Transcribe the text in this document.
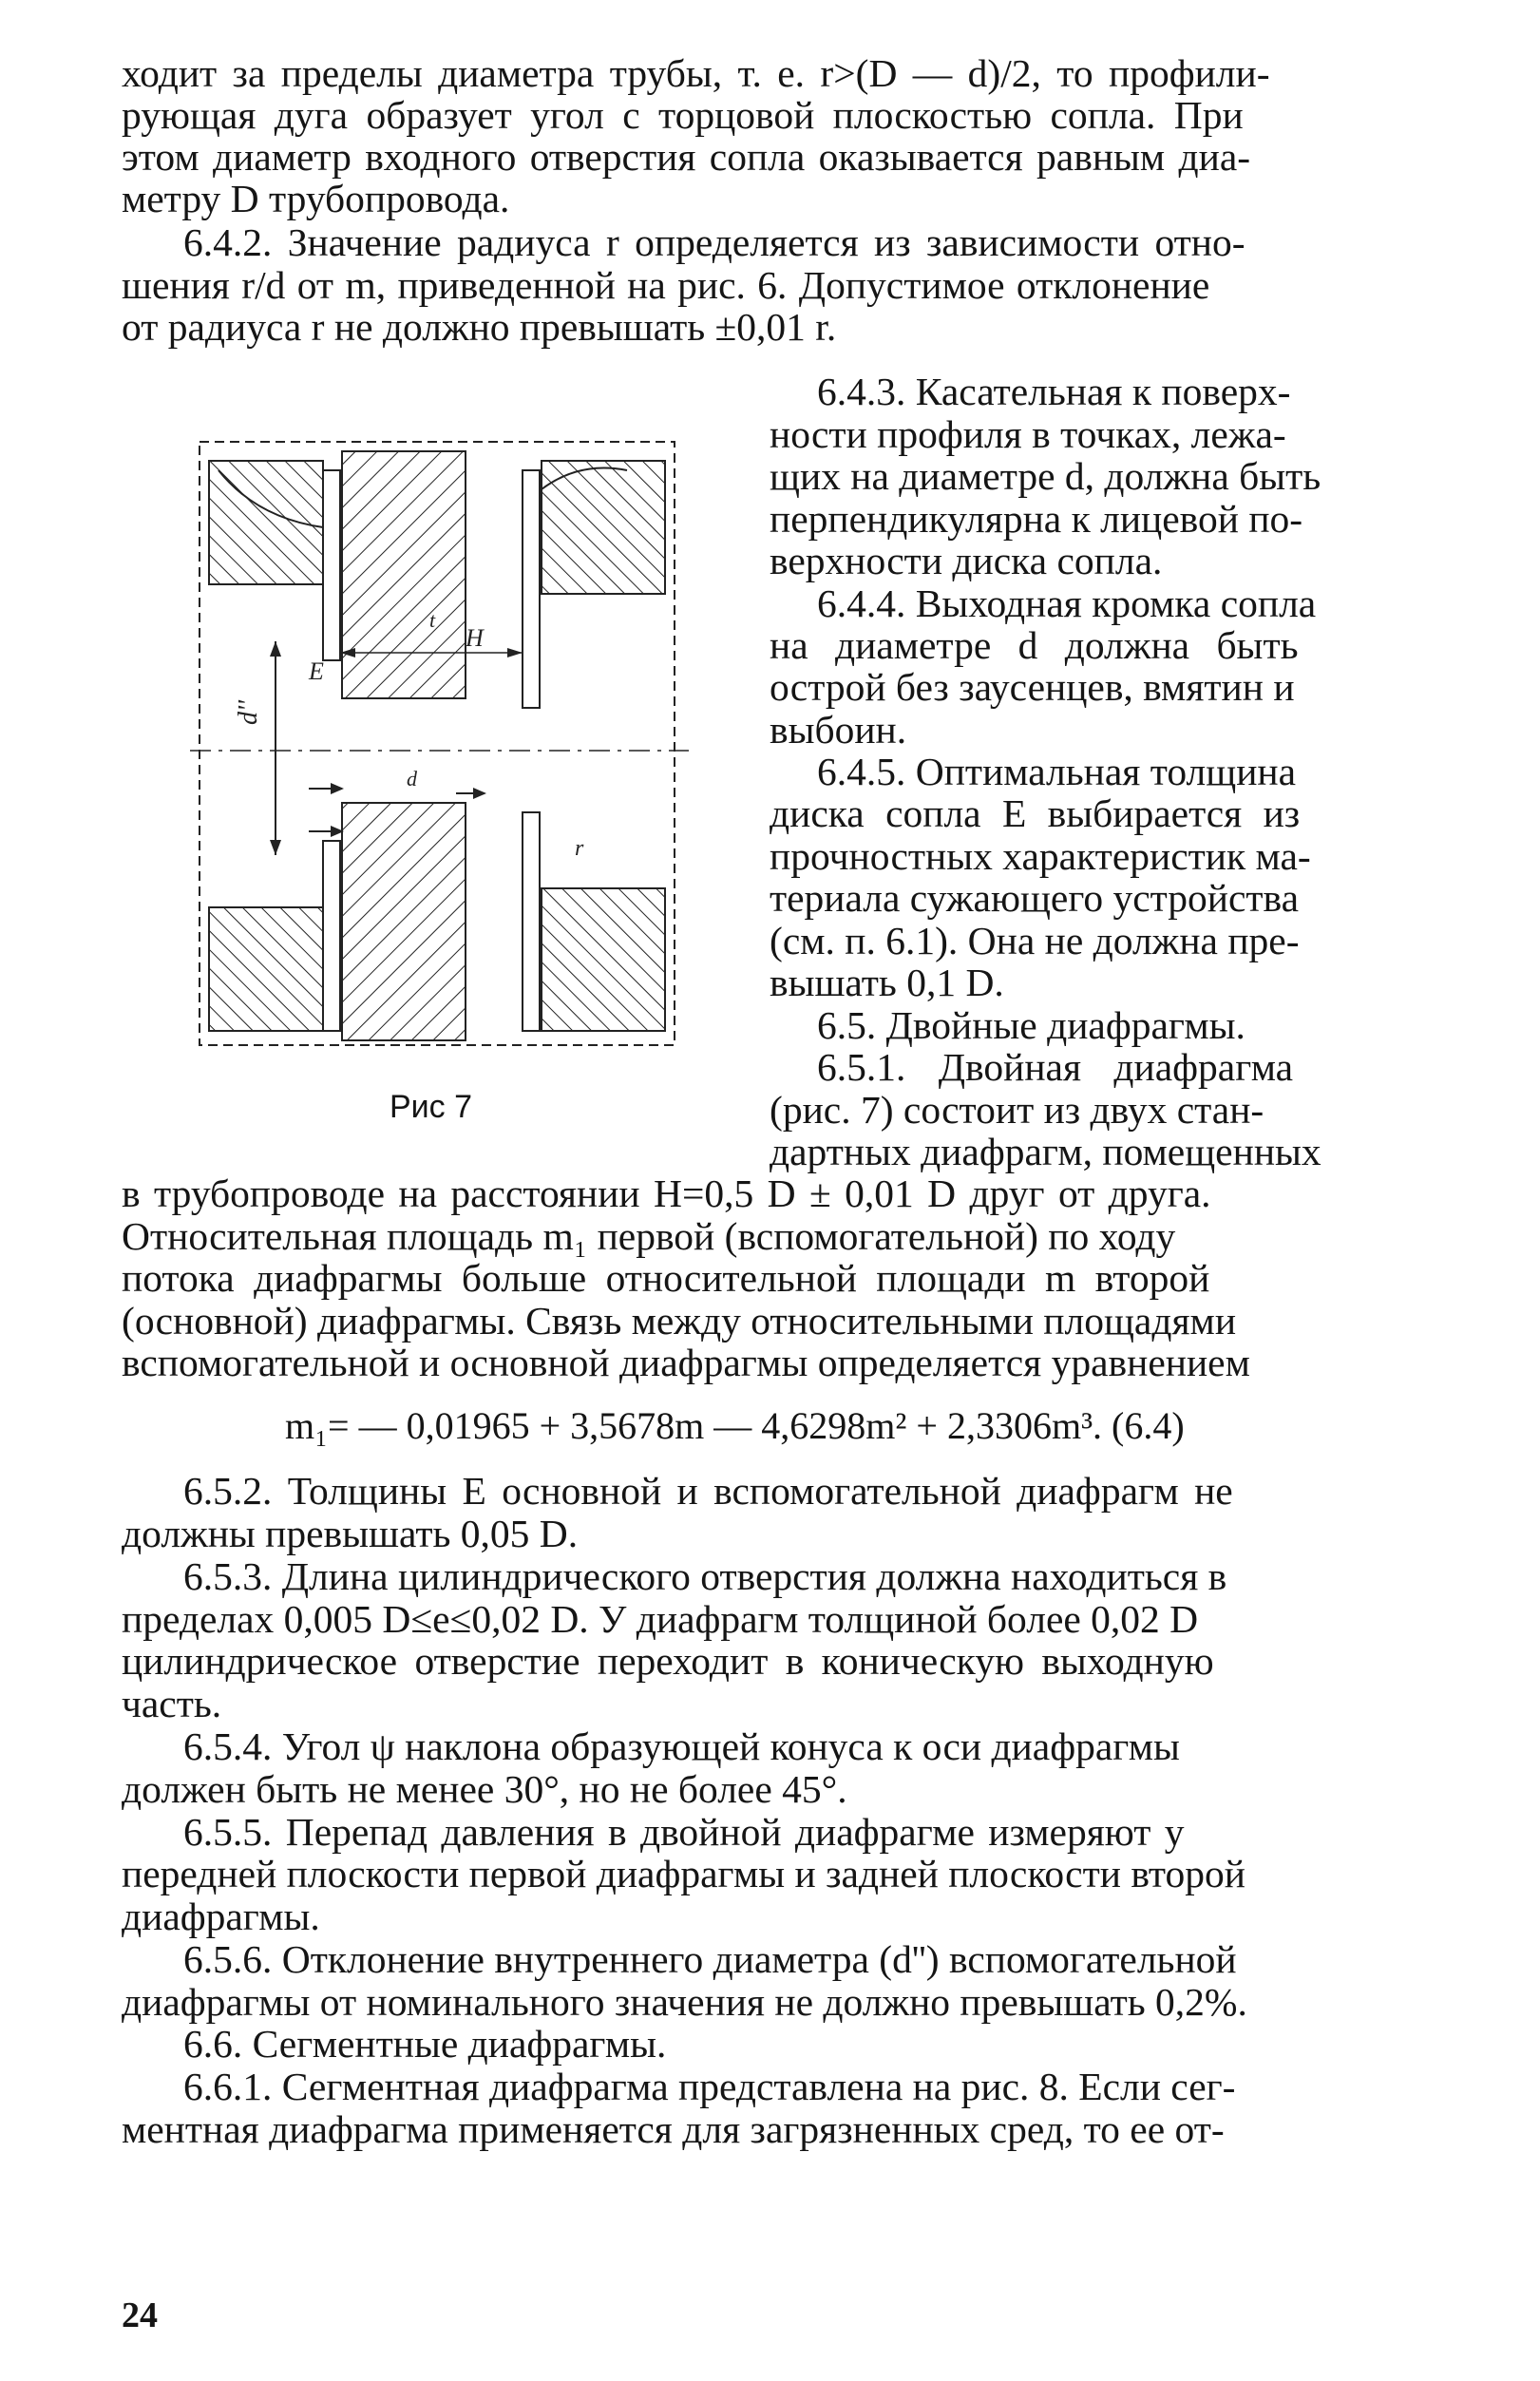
ходит за пределы диаметра трубы, т. е. r>(D — d)/2, то профили-
рующая дуга образует угол с торцовой плоскостью сопла. При
этом диаметр входного отверстия сопла оказывается равным диа-
метру D трубопровода.
6.4.2. Значение радиуса r определяется из зависимости отно-
шения r/d от m, приведенной на рис. 6. Допустимое отклонение
от радиуса r не должно превышать ±0,01 r.
6.4.3. Касательная к поверх-
ности профиля в точках, лежа-
щих на диаметре d, должна быть
перпендикулярна к лицевой по-
верхности диска сопла.
6.4.4. Выходная кромка сопла
на диаметре d должна быть
острой без заусенцев, вмятин и
выбоин.
6.4.5. Оптимальная толщина
диска сопла E выбирается из
прочностных характеристик ма-
териала сужающего устройства
(см. п. 6.1). Она не должна пре-
вышать 0,1 D.
6.5. Двойные диафрагмы.
6.5.1. Двойная диафрагма
(рис. 7) состоит из двух стан-
дартных диафрагм, помещенных
d''
E
H
t
r
d
Рис 7
в трубопроводе на расстоянии H=0,5 D ± 0,01 D друг от друга.
Относительная площадь m₁ первой (вспомогательной) по ходу
потока диафрагмы больше относительной площади m второй
(основной) диафрагмы. Связь между относительными площадями
вспомогательной и основной диафрагмы определяется уравнением
m₁= — 0,01965 + 3,5678m — 4,6298m² + 2,3306m³. (6.4)
6.5.2. Толщины E основной и вспомогательной диафрагм не
должны превышать 0,05 D.
6.5.3. Длина цилиндрического отверстия должна находиться в
пределах 0,005 D≤e≤0,02 D. У диафрагм толщиной более 0,02 D
цилиндрическое отверстие переходит в коническую выходную
часть.
6.5.4. Угол ψ наклона образующей конуса к оси диафрагмы
должен быть не менее 30°, но не более 45°.
6.5.5. Перепад давления в двойной диафрагме измеряют у
передней плоскости первой диафрагмы и задней плоскости второй
диафрагмы.
6.5.6. Отклонение внутреннего диаметра (d'') вспомогательной
диафрагмы от номинального значения не должно превышать 0,2%.
6.6. Сегментные диафрагмы.
6.6.1. Сегментная диафрагма представлена на рис. 8. Если сег-
ментная диафрагма применяется для загрязненных сред, то ее от-
24
